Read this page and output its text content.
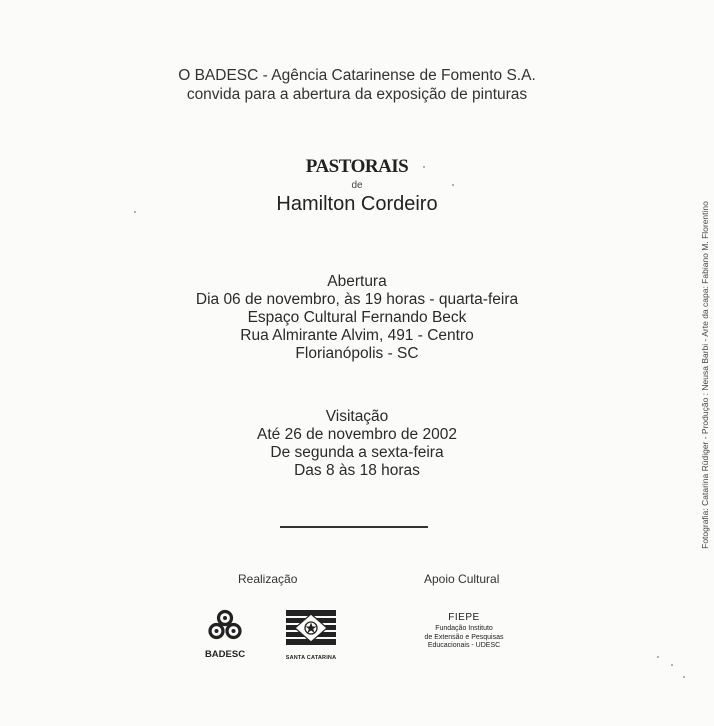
O BADESC - Agência Catarinense de Fomento S.A.
convida para a abertura da exposição de pinturas
PASTORAIS
de
Hamilton Cordeiro
Abertura
Dia 06 de novembro, às 19 horas - quarta-feira
Espaço Cultural Fernando Beck
Rua Almirante Alvim, 491 - Centro
Florianópolis - SC
Visitação
Até 26 de novembro de 2002
De segunda a sexta-feira
Das 8 às 18 horas
Realização	Apoio Cultural
Fotografia: Catarina Rüdiger - Produção : Neusa Barbi - Arte da capa: Fabiano M. Florentino
BADESC	SANTA CATARINA
FIEPE
Fundação Instituto
de Extensão e Pesquisas
Educacionais - UDESC
